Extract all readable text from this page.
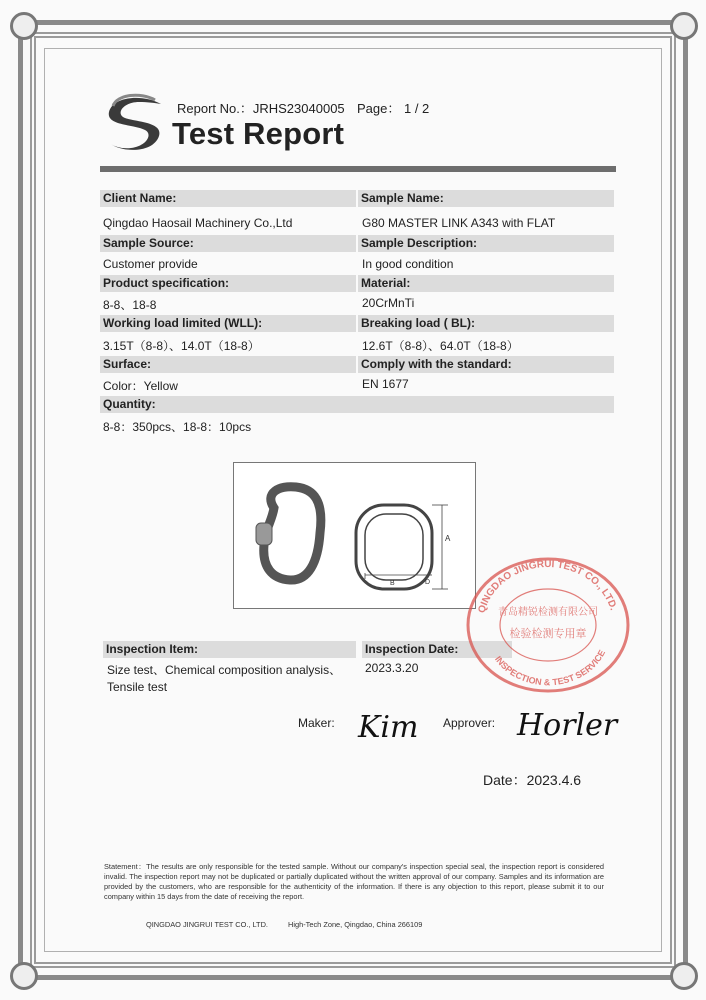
Report No.：JRHS23040005 Page： 1 / 2
Test Report
Client Name:	Sample Name:
Qingdao Haosail Machinery Co.,Ltd	G80 MASTER LINK A343 with FLAT
Sample Source:	Sample Description:
Customer provide	In good condition
Product specification:	Material:
8-8、18-8	20CrMnTi
Working load limited (WLL):	Breaking load ( BL):
3.15T（8-8）、14.0T（18-8）	12.6T（8-8）、64.0T（18-8）
Surface:	Comply with the standard:
Color：Yellow	EN 1677
Quantity:
8-8：350pcs、18-8：10pcs
A
B	D
Inspection Item:	Inspection Date:
Size test、Chemical composition analysis、
Tensile test
2023.3.20
QINGDAO JINGRUI TEST CO., LTD.
INSPECTION & TEST SERVICE
青岛精锐检测有限公司
检验检测专用章
Maker: Kim Approver: Horler
Date：2023.4.6
Statement：The results are only responsible for the tested sample. Without our company's inspection special seal, the inspection report is considered invalid. The inspection report may not be duplicated or partially duplicated without the written approval of our company. Samples and its information are provided by the customers, who are responsible for the authenticity of the information. If there is any objection to this report, please submit it to our company within 15 days from the date of receiving the report.
QINGDAO JINGRUI TEST CO., LTD.	High-Tech Zone, Qingdao, China 266109
